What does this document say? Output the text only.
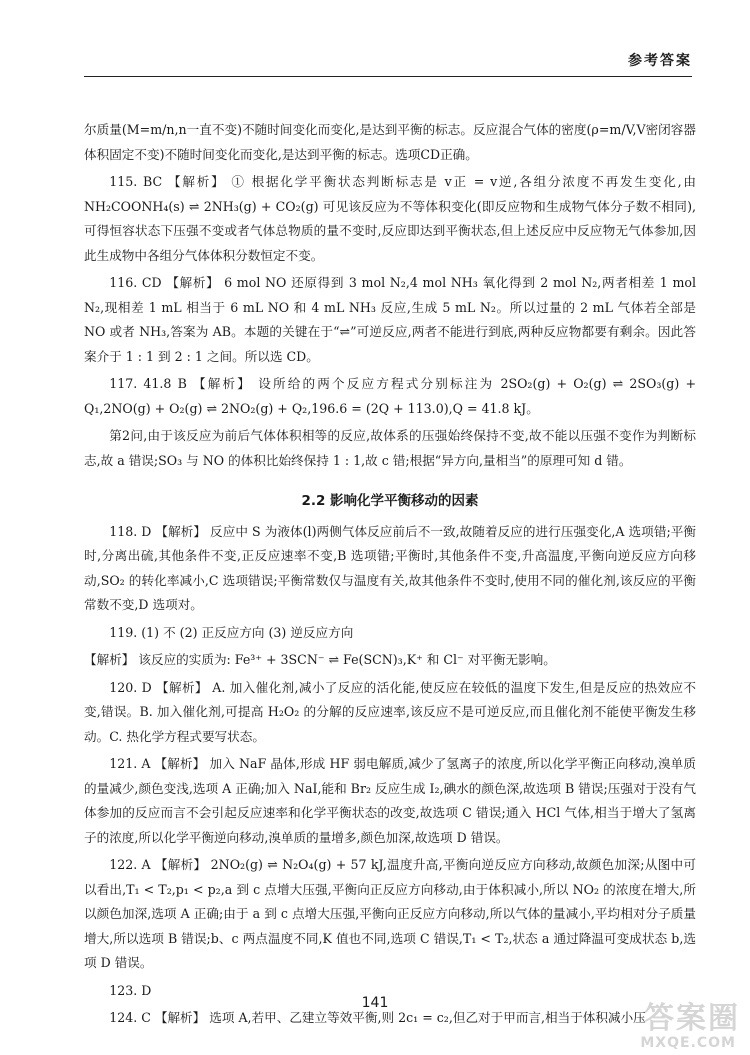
参考答案

尔质量(M=m/n,n一直不变)不随时间变化而变化,是达到平衡的标志。反应混合气体的密度(ρ=m/V,V密闭容器体积固定不变)不随时间变化而变化,是达到平衡的标志。选项CD正确。

115. BC 【解析】 ① 根据化学平衡状态判断标志是 v正 = v逆,各组分浓度不再发生变化,由NH₂COONH₄(s) ⇌ 2NH₃(g) + CO₂(g) 可见该反应为不等体积变化(即反应物和生成物气体分子数不相同),可得恒容状态下压强不变或者气体总物质的量不变时,反应即达到平衡状态,但上述反应中反应物无气体参加,因此生成物中各组分气体体积分数恒定不变。

116. CD 【解析】 6 mol NO 还原得到 3 mol N₂,4 mol NH₃ 氧化得到 2 mol N₂,两者相差 1 mol N₂,现相差 1 mL 相当于 6 mL NO 和 4 mL NH₃ 反应,生成 5 mL N₂。所以过量的 2 mL 气体若全部是 NO 或者 NH₃,答案为 AB。本题的关键在于“⇌”可逆反应,两者不能进行到底,两种反应物都要有剩余。因此答案介于 1 : 1 到 2 : 1 之间。所以选 CD。

117. 41.8 B 【解析】 设所给的两个反应方程式分别标注为 2SO₂(g) + O₂(g) ⇌ 2SO₃(g) + Q₁,2NO(g) + O₂(g) ⇌ 2NO₂(g) + Q₂,196.6 = (2Q + 113.0),Q = 41.8 kJ。

第2问,由于该反应为前后气体体积相等的反应,故体系的压强始终保持不变,故不能以压强不变作为判断标志,故 a 错误;SO₃ 与 NO 的体积比始终保持 1 : 1,故 c 错;根据“异方向,量相当”的原理可知 d 错。

2.2 影响化学平衡移动的因素

118. D 【解析】 反应中 S 为液体(l)两侧气体反应前后不一致,故随着反应的进行压强变化,A 选项错;平衡时,分离出硫,其他条件不变,正反应速率不变,B 选项错;平衡时,其他条件不变,升高温度,平衡向逆反应方向移动,SO₂ 的转化率减小,C 选项错误;平衡常数仅与温度有关,故其他条件不变时,使用不同的催化剂,该反应的平衡常数不变,D 选项对。

119. (1) 不 (2) 正反应方向 (3) 逆反应方向

【解析】 该反应的实质为: Fe³⁺ + 3SCN⁻ ⇌ Fe(SCN)₃,K⁺ 和 Cl⁻ 对平衡无影响。

120. D 【解析】 A. 加入催化剂,减小了反应的活化能,使反应在较低的温度下发生,但是反应的热效应不变,错误。B. 加入催化剂,可提高 H₂O₂ 的分解的反应速率,该反应不是可逆反应,而且催化剂不能使平衡发生移动。C. 热化学方程式要写状态。

121. A 【解析】 加入 NaF 晶体,形成 HF 弱电解质,减少了氢离子的浓度,所以化学平衡正向移动,溴单质的量减少,颜色变浅,选项 A 正确;加入 NaI,能和 Br₂ 反应生成 I₂,碘水的颜色深,故选项 B 错误;压强对于没有气体参加的反应而言不会引起反应速率和化学平衡状态的改变,故选项 C 错误;通入 HCl 气体,相当于增大了氢离子的浓度,所以化学平衡逆向移动,溴单质的量增多,颜色加深,故选项 D 错误。

122. A 【解析】 2NO₂(g) ⇌ N₂O₄(g) + 57 kJ,温度升高,平衡向逆反应方向移动,故颜色加深;从图中可以看出,T₁ < T₂,p₁ < p₂,a 到 c 点增大压强,平衡向正反应方向移动,由于体积减小,所以 NO₂ 的浓度在增大,所以颜色加深,选项 A 正确;由于 a 到 c 点增大压强,平衡向正反应方向移动,所以气体的量减小,平均相对分子质量增大,所以选项 B 错误;b、c 两点温度不同,K 值也不同,选项 C 错误,T₁ < T₂,状态 a 通过降温可变成状态 b,选项 D 错误。

123. D

124. C 【解析】 选项 A,若甲、乙建立等效平衡,则 2c₁ = c₂,但乙对于甲而言,相当于体积减小压

141	答案圈
MXQE.COM
